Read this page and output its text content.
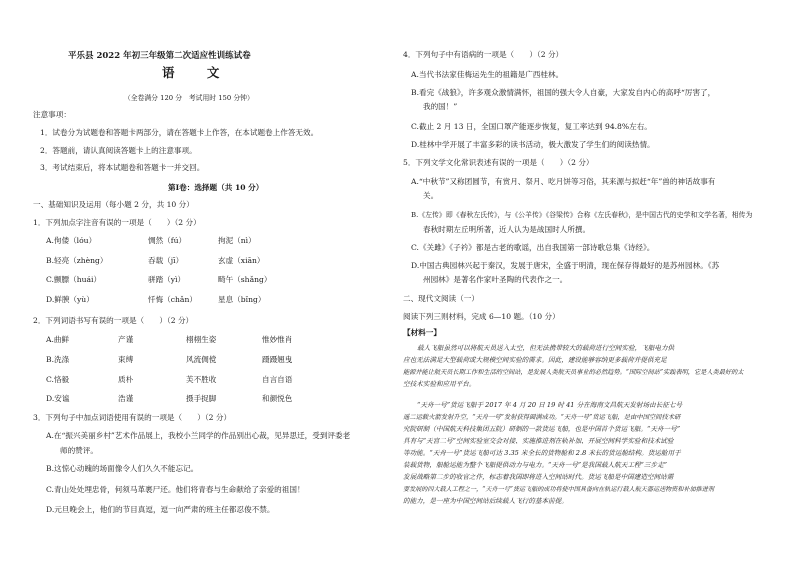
平乐县 2022 年初三年级第二次适应性训练试卷
语 文
（全卷满分 120 分　考试用时 150 分钟）
注意事项：
1．试卷分为试题卷和答题卡两部分，请在答题卡上作答，在本试题卷上作答无效。
2．答题前，请认真阅读答题卡上的注意事项。
3．考试结束后，将本试题卷和答题卡一并交回。
第Ⅰ卷：选择题（共 10 分）
一、基础知识及运用（每小题 2 分，共 10 分）
1．下列加点字注音有误的一项是（　　）（2 分）
A.佝偻（lóu）	惆然（fú）	拘泥（nì）
B.轻亮（zhèng）	吞载（jī）	玄虚（xiān）
C.颤膘（huái）	骈踏（yì）	畸午（shǎng）
D.鲜腴（yù）	忏悔（chǎn）	星息（bǐng）
2．下列词语书写有误的一项是（　　）（2 分）
A.曲鲜	产谨	栩栩生姿	惟妙惟肖
B.洗涤	束缚	风流倜傥	蹑蹑翘曳
C.恪毅	质朴	芙不胜收	自言自语
D.安谧	浩谨	摄手捉脚	和颜悦色
3．下列句子中加点词语使用有误的一项是（　　）（2 分）
A.在“振兴美丽乡村”艺术作品展上，我校小兰同学的作品别出心裁，见异思迁，受到评委老
师的赞评。
B.这惊心动魄的场面像令人们久久不能忘记。
C.青山处处埋忠骨，何须马革裹尸还。他们将青春与生命献给了亲爱的祖国！
D.元旦晚会上，他们的节目真逗，逗一向严肃的班主任都忍俊不禁。
4．下列句子中有语病的一项是（　　）（2 分）
A.当代书法家佳梅运先生的祖籍是广西桂林。
B.看完《战狼》，许多观众激情满怀，祖国的强大令人自豪，大家发自内心的高呼“厉害了，
我的国！”
C.截止 2 月 13 日，全国口罩产能逐步恢复，复工率达到 94.8%左右。
D.桂林中学开展了丰富多彩的读书活动，极大激发了学生们的阅读热情。
5．下列文学文化常识表述有误的一项是（　　）（2 分）
A.“中秋节”又称团圆节，有赏月、祭月、吃月饼等习俗，其来源与拟赶“年”兽的神话故事有
关。
B.《左传》即《春秋左氏传》，与《公羊传》《谷梁传》合称《左氏春秋》，是中国古代的史学和文学名著，相传为
春秋时期左丘明所著，近人认为是战国时人所撰。
C.《关雎》《子衿》都是古老的歌谣，出自我国第一部诗歌总集《诗经》。
D.中国古典园林兴起于秦汉，发展于唐宋，全盛于明清，现在保存得最好的是苏州园林。《苏
州园林》是著名作家叶圣陶的代表作之一。
二、现代文阅读（一）
阅读下列三则材料，完成 6—10 题。（10 分）
【材料一】
载人飞船虽然可以将航天员送入太空，但无法携带较大的载荷进行空间实验，飞船电力供
应也无法满足大型载荷或大规模空间实验的需求。因此，建设能够容纳更多载荷并提供充足
能源并能让航天员长期工作和生活的空间站，是发展人类航天员事业的必然趋势。“国际空间站”实践表明，它是人类最好的太
空技术实验和应用平台。
“天舟一号”货运飞船于 2017 年 4 月 20 日 19 时 41 分在海南文昌航天发射场由长征七号
遥二运载火箭发射升空，“天舟一号”发射获得圆满成功。“天舟一号”货运飞船，是由中国空间技术研
究院研制（中国航天科技集团五院）研制的一款货运飞船，也是中国首个货运飞船。“天舟一号”
具有与“天宫二号”空间实验室交会对接、实施推进剂在轨补加、开展空间科学实验和技术试验
等功能。“天舟一号”货运飞船可达 3.35 米全长的货物舱和 2.8 米长的货运舱结构。货运舱用于
装载货物，船舱运能为整个飞船提供动力与电力。“天舟一号”是我国载人航天工程“三步走”
发展战略第二步的收官之作，标志着我国即将进入空间站时代。货运飞船是中国建造空间站需
要发展的四大载人工程之一，“天舟一号”货运飞船的成功将使中国具备向在轨运行载人航天器运送物资和补加推进剂
的能力，是一座为中国空间站后续载人飞行的基本前提。
